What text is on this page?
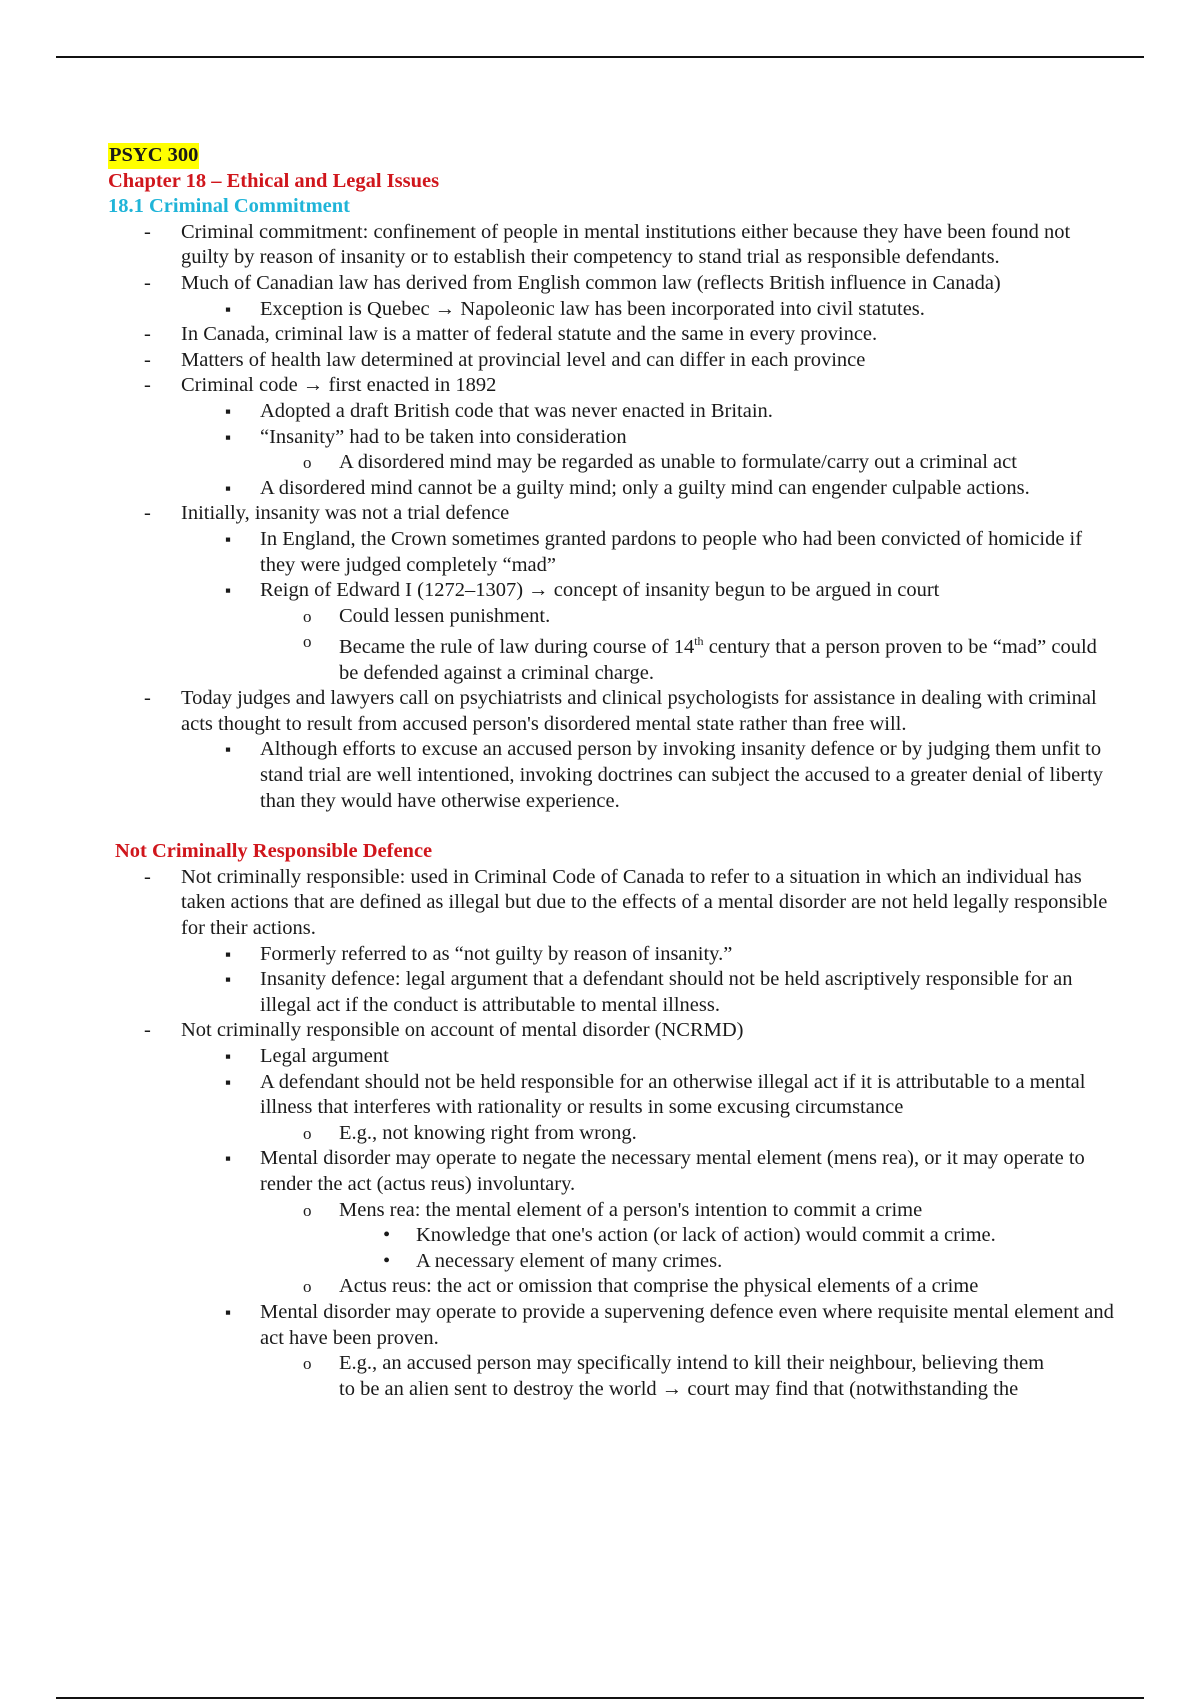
PSYC 300
Chapter 18 – Ethical and Legal Issues
18.1 Criminal Commitment
- Criminal commitment: confinement of people in mental institutions either because they have been found not guilty by reason of insanity or to establish their competency to stand trial as responsible defendants.
- Much of Canadian law has derived from English common law (reflects British influence in Canada)
▪ Exception is Quebec → Napoleonic law has been incorporated into civil statutes.
- In Canada, criminal law is a matter of federal statute and the same in every province.
- Matters of health law determined at provincial level and can differ in each province
- Criminal code → first enacted in 1892
▪ Adopted a draft British code that was never enacted in Britain.
▪ “Insanity” had to be taken into consideration
o A disordered mind may be regarded as unable to formulate/carry out a criminal act
▪ A disordered mind cannot be a guilty mind; only a guilty mind can engender culpable actions.
- Initially, insanity was not a trial defence
▪ In England, the Crown sometimes granted pardons to people who had been convicted of homicide if they were judged completely “mad”
▪ Reign of Edward I (1272–1307) → concept of insanity begun to be argued in court
o Could lessen punishment.
o Became the rule of law during course of 14th century that a person proven to be “mad” could be defended against a criminal charge.
- Today judges and lawyers call on psychiatrists and clinical psychologists for assistance in dealing with criminal acts thought to result from accused person's disordered mental state rather than free will.
▪ Although efforts to excuse an accused person by invoking insanity defence or by judging them unfit to stand trial are well intentioned, invoking doctrines can subject the accused to a greater denial of liberty than they would have otherwise experience.
Not Criminally Responsible Defence
- Not criminally responsible: used in Criminal Code of Canada to refer to a situation in which an individual has taken actions that are defined as illegal but due to the effects of a mental disorder are not held legally responsible for their actions.
▪ Formerly referred to as “not guilty by reason of insanity.”
▪ Insanity defence: legal argument that a defendant should not be held ascriptively responsible for an illegal act if the conduct is attributable to mental illness.
- Not criminally responsible on account of mental disorder (NCRMD)
▪ Legal argument
▪ A defendant should not be held responsible for an otherwise illegal act if it is attributable to a mental illness that interferes with rationality or results in some excusing circumstance
o E.g., not knowing right from wrong.
▪ Mental disorder may operate to negate the necessary mental element (mens rea), or it may operate to render the act (actus reus) involuntary.
o Mens rea: the mental element of a person's intention to commit a crime
• Knowledge that one's action (or lack of action) would commit a crime.
• A necessary element of many crimes.
o Actus reus: the act or omission that comprise the physical elements of a crime
▪ Mental disorder may operate to provide a supervening defence even where requisite mental element and act have been proven.
o E.g., an accused person may specifically intend to kill their neighbour, believing them
to be an alien sent to destroy the world → court may find that (notwithstanding the
